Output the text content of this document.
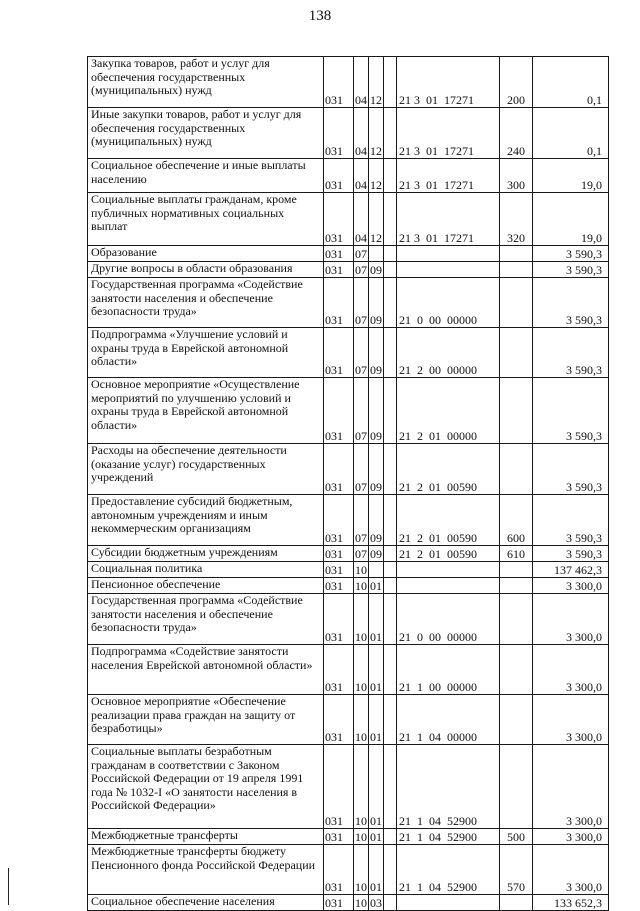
138
Закупка товаров, работ и услуг для обеспечения государственных (муниципальных) нужд	031	04	12		21 3  01  17271	200	0,1
Иные закупки товаров, работ и услуг для обеспечения государственных (муниципальных) нужд	031	04	12		21 3  01  17271	240	0,1
Социальное обеспечение и иные выплаты населению	031	04	12		21 3  01  17271	300	19,0
Социальные выплаты гражданам, кроме публичных нормативных социальных выплат	031	04	12		21 3  01  17271	320	19,0
Образование	031	07					3 590,3
Другие вопросы в области образования	031	07	09				3 590,3
Государственная программа «Содействие занятости населения и обеспечение безопасности труда»	031	07	09		21  0  00  00000		3 590,3
Подпрограмма «Улучшение условий и охраны труда в Еврейской автономной области»	031	07	09		21  2  00  00000		3 590,3
Основное мероприятие «Осуществление мероприятий по улучшению условий и охраны труда в Еврейской автономной области»	031	07	09		21  2  01  00000		3 590,3
Расходы на обеспечение деятельности (оказание услуг) государственных учреждений	031	07	09		21  2  01  00590		3 590,3
Предоставление субсидий бюджетным, автономным учреждениям и иным некоммерческим организациям	031	07	09		21  2  01  00590	600	3 590,3
Субсидии бюджетным учреждениям	031	07	09		21  2  01  00590	610	3 590,3
Социальная политика	031	10					137 462,3
Пенсионное обеспечение	031	10	01				3 300,0
Государственная программа «Содействие занятости населения и обеспечение безопасности труда»	031	10	01		21  0  00  00000		3 300,0
Подпрограмма «Содействие занятости населения Еврейской автономной области»	031	10	01		21  1  00  00000		3 300,0
Основное мероприятие «Обеспечение реализации права граждан на защиту от безработицы»	031	10	01		21  1  04  00000		3 300,0
Социальные выплаты безработным гражданам в соответствии с Законом Российской Федерации от 19 апреля 1991 года № 1032-I «О занятости населения в Российской Федерации»	031	10	01		21  1  04  52900		3 300,0
Межбюджетные трансферты	031	10	01		21  1  04  52900	500	3 300,0
Межбюджетные трансферты бюджету Пенсионного фонда Российской Федерации	031	10	01		21  1  04  52900	570	3 300,0
Социальное обеспечение населения	031	10	03				133 652,3
